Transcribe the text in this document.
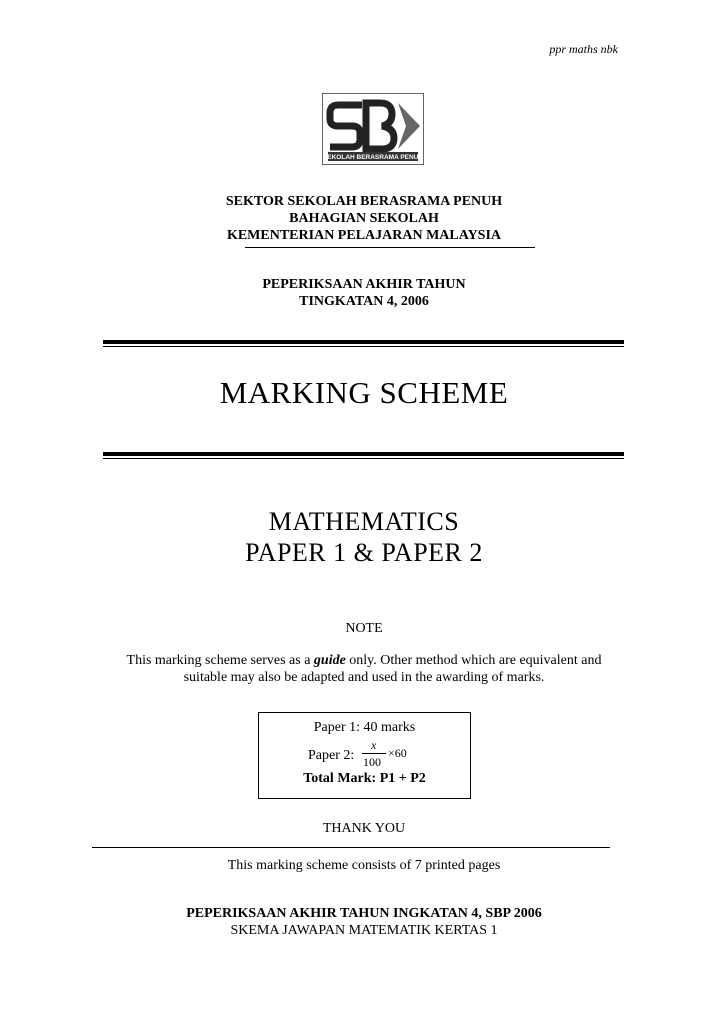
ppr maths nbk
SEKOLAH BERASRAMA PENUH
SEKTOR SEKOLAH BERASRAMA PENUH
BAHAGIAN SEKOLAH
KEMENTERIAN PELAJARAN MALAYSIA
PEPERIKSAAN AKHIR TAHUN
TINGKATAN 4, 2006
MARKING SCHEME
MATHEMATICS
PAPER 1 & PAPER 2
NOTE
This marking scheme serves as a guide only. Other method which are equivalent and
suitable may also be adapted and used in the awarding of marks.
Paper 1: 40 marks
Paper 2:
x
100
×60
Total Mark: P1 + P2
THANK YOU
This marking scheme consists of 7 printed pages
PEPERIKSAAN AKHIR TAHUN INGKATAN 4, SBP 2006
SKEMA JAWAPAN MATEMATIK KERTAS 1
